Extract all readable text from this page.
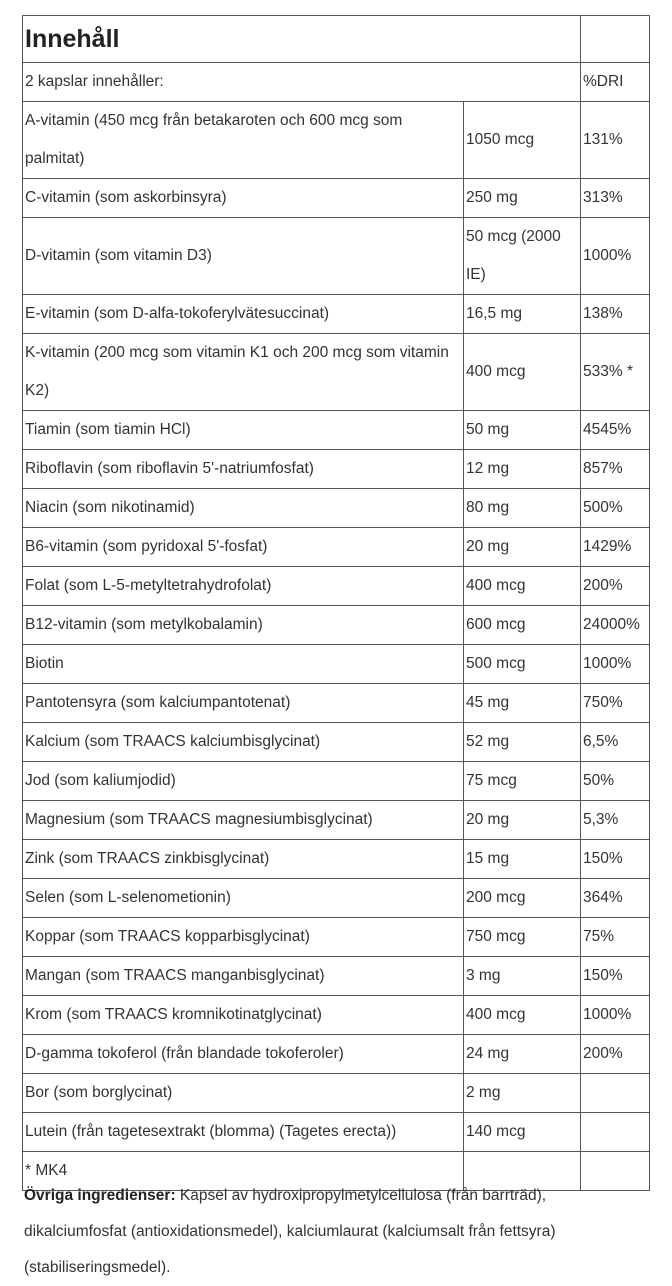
Innehåll		
2 kapslar innehåller:		%DRI
A-vitamin (450 mcg från betakaroten och 600 mcg som palmitat)	1050 mcg	131%
C-vitamin (som askorbinsyra)	250 mg	313%
D-vitamin (som vitamin D3)	50 mcg (2000 IE)	1000%
E-vitamin (som D-alfa-tokoferylvätesuccinat)	16,5 mg	138%
K-vitamin (200 mcg som vitamin K1 och 200 mcg som vitamin K2)	400 mcg	533% *
Tiamin (som tiamin HCl)	50 mg	4545%
Riboflavin (som riboflavin 5'-natriumfosfat)	12 mg	857%
Niacin (som nikotinamid)	80 mg	500%
B6-vitamin (som pyridoxal 5'-fosfat)	20 mg	1429%
Folat (som L-5-metyltetrahydrofolat)	400 mcg	200%
B12-vitamin (som metylkobalamin)	600 mcg	24000%
Biotin	500 mcg	1000%
Pantotensyra (som kalciumpantotenat)	45 mg	750%
Kalcium (som TRAACS kalciumbisglycinat)	52 mg	6,5%
Jod (som kaliumjodid)	75 mcg	50%
Magnesium (som TRAACS magnesiumbisglycinat)	20 mg	5,3%
Zink (som TRAACS zinkbisglycinat)	15 mg	150%
Selen (som L-selenometionin)	200 mcg	364%
Koppar (som TRAACS kopparbisglycinat)	750 mcg	75%
Mangan (som TRAACS manganbisglycinat)	3 mg	150%
Krom (som TRAACS kromnikotinatglycinat)	400 mcg	1000%
D-gamma tokoferol (från blandade tokoferoler)	24 mg	200%
Bor (som borglycinat)	2 mg	
Lutein (från tagetesextrakt (blomma) (Tagetes erecta))	140 mcg	
* MK4		
Övriga ingredienser: Kapsel av hydroxipropylmetylcellulosa (från barrträd), dikalciumfosfat (antioxidationsmedel), kalciumlaurat (kalciumsalt från fettsyra) (stabiliseringsmedel).
